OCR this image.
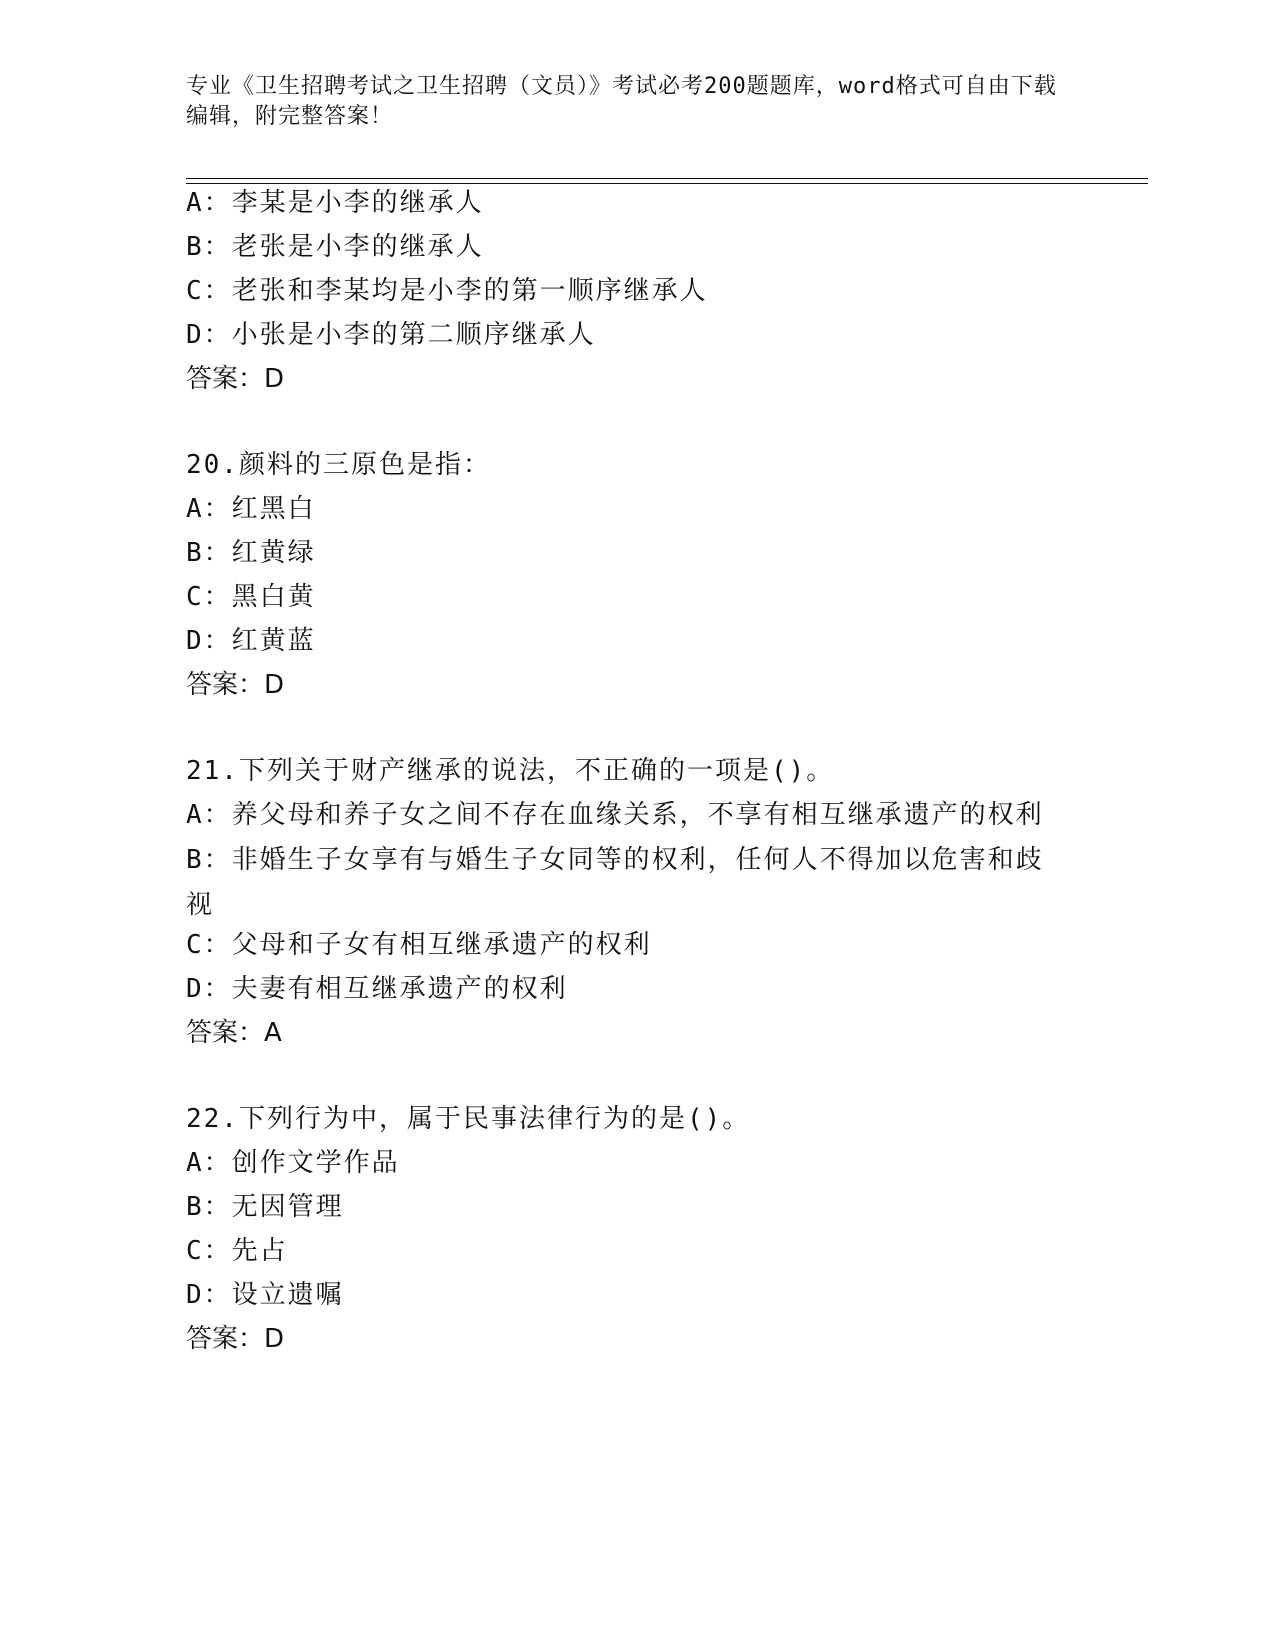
专业《卫生招聘考试之卫生招聘（文员）》考试必考200题题库，word格式可自由下载编辑，附完整答案！
A：李某是小李的继承人
B：老张是小李的继承人
C：老张和李某均是小李的第一顺序继承人
D：小张是小李的第二顺序继承人
答案：D
20.颜料的三原色是指：
A：红黑白
B：红黄绿
C：黑白黄
D：红黄蓝
答案：D
21.下列关于财产继承的说法，不正确的一项是()。
A：养父母和养子女之间不存在血缘关系，不享有相互继承遗产的权利
B：非婚生子女享有与婚生子女同等的权利，任何人不得加以危害和歧视
C：父母和子女有相互继承遗产的权利
D：夫妻有相互继承遗产的权利
答案：A
22.下列行为中，属于民事法律行为的是()。
A：创作文学作品
B：无因管理
C：先占
D：设立遗嘱
答案：D
